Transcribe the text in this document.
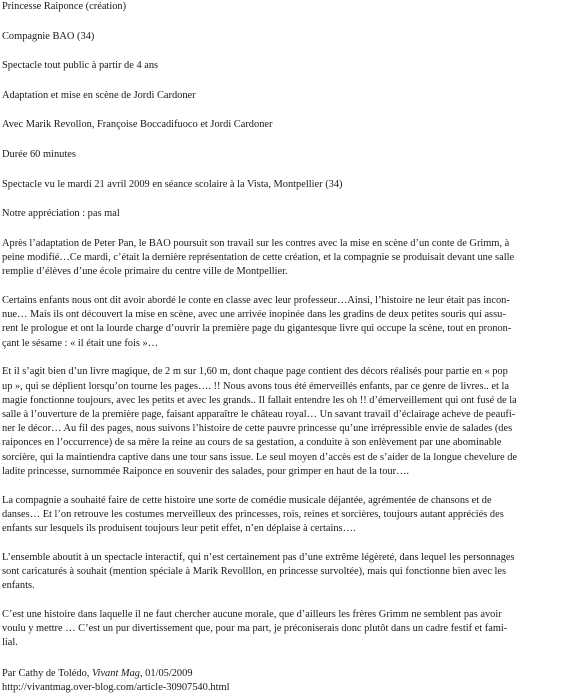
Princesse Raiponce (création)

Compagnie BAO (34)

Spectacle tout public à partir de 4 ans

Adaptation et mise en scène de Jordi Cardoner

Avec Marik Revollon, Françoise Boccadifuoco et Jordi Cardoner

Durée 60 minutes

Spectacle vu le mardi 21 avril 2009 en séance scolaire à la Vista, Montpellier (34)

Notre appréciation : pas mal

Après l’adaptation de Peter Pan, le BAO poursuit son travail sur les contres avec la mise en scène d’un conte de Grimm, à
peine modifié…Ce mardi, c’était la dernière représentation de cette création, et la compagnie se produisait devant une salle
remplie d’élèves d’une école primaire du centre ville de Montpellier.

Certains enfants nous ont dit avoir abordé le conte en classe avec leur professeur…Ainsi, l’histoire ne leur était pas incon-
nue… Mais ils ont découvert la mise en scène, avec une arrivée inopinée dans les gradins de deux petites souris qui assu-
rent le prologue et ont la lourde charge d’ouvrir la première page du gigantesque livre qui occupe la scène, tout en pronon-
çant le sésame : « il était une fois »…

Et il s’agit bien d’un livre magique, de 2 m sur 1,60 m, dont chaque page contient des décors réalisés pour partie en « pop
up », qui se déplient lorsqu’on tourne les pages…. !! Nous avons tous été émerveillés enfants, par ce genre de livres.. et la
magie fonctionne toujours, avec les petits et avec les grands.. Il fallait entendre les oh !! d’émerveillement qui ont fusé de la
salle à l’ouverture de la première page, faisant apparaître le château royal… Un savant travail d’éclairage acheve de peaufi-
ner le décor… Au fil des pages, nous suivons l’histoire de cette pauvre princesse qu’une irrépressible envie de salades (des
raiponces en l’occurrence) de sa mère la reine au cours de sa gestation, a conduite à son enlèvement par une abominable
sorcière, qui la maintiendra captive dans une tour sans issue. Le seul moyen d’accès est de s’aider de la longue chevelure de
ladite princesse, surnommée Raiponce en souvenir des salades, pour grimper en haut de la tour….

La compagnie a souhaité faire de cette histoire une sorte de comédie musicale déjantée, agrémentée de chansons et de
danses… Et l’on retrouve les costumes merveilleux des princesses, rois, reines et sorcières, toujours autant appréciés des
enfants sur lesquels ils produisent toujours leur petit effet, n’en déplaise à certains….

L’ensemble aboutit à un spectacle interactif, qui n’est certainement pas d’une extrême légèreté, dans lequel les personnages
sont caricaturés à souhait (mention spéciale à Marik Revolllon, en princesse survoltée), mais qui fonctionne bien avec les
enfants.

C’est une histoire dans laquelle il ne faut chercher aucune morale, que d’ailleurs les frères Grimm ne semblent pas avoir
voulu y mettre … C’est un pur divertissement que, pour ma part, je préconiserais donc plutôt dans un cadre festif et fami-
lial.

Par Cathy de Tolédo, Vivant Mag, 01/05/2009

http://vivantmag.over-blog.com/article-30907540.html
